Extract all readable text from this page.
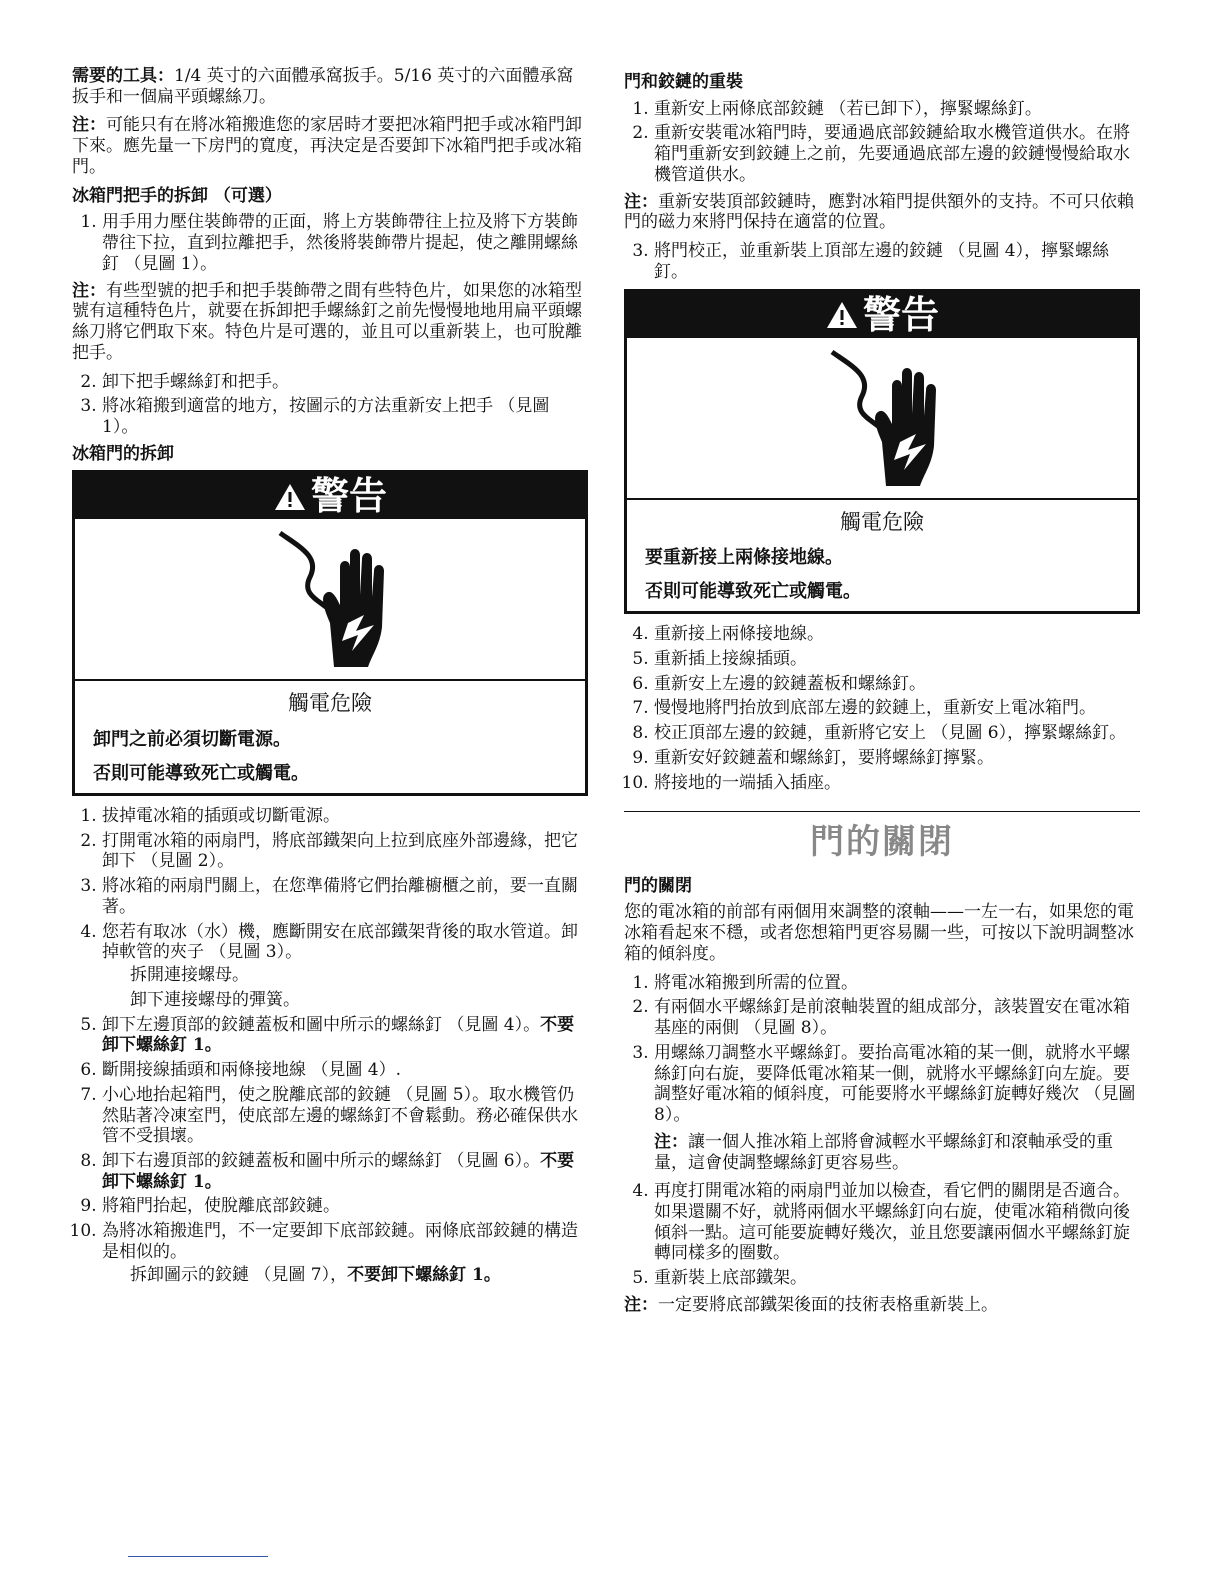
需要的工具：1/4 英寸的六面體承窩扳手。5/16 英寸的六面體承窩扳手和一個扁平頭螺絲刀。

注：可能只有在將冰箱搬進您的家居時才要把冰箱門把手或冰箱門卸下來。應先量一下房門的寬度，再決定是否要卸下冰箱門把手或冰箱門。

冰箱門把手的拆卸 （可選）
1. 用手用力壓住裝飾帶的正面，將上方裝飾帶往上拉及將下方裝飾帶往下拉，直到拉離把手，然後將裝飾帶片提起，使之離開螺絲釘 （見圖 1）。

注：有些型號的把手和把手裝飾帶之間有些特色片，如果您的冰箱型號有這種特色片，就要在拆卸把手螺絲釘之前先慢慢地地用扁平頭螺絲刀將它們取下來。特色片是可選的，並且可以重新裝上，也可脫離把手。

2. 卸下把手螺絲釘和把手。
3. 將冰箱搬到適當的地方，按圖示的方法重新安上把手 （見圖 1）。
冰箱門的拆卸
警告
觸電危險
卸門之前必須切斷電源。
否則可能導致死亡或觸電。
1. 拔掉電冰箱的插頭或切斷電源。
2. 打開電冰箱的兩扇門，將底部鐵架向上拉到底座外部邊緣，把它卸下 （見圖 2）。
3. 將冰箱的兩扇門關上，在您準備將它們抬離櫥櫃之前，要一直關著。
4. 您若有取冰（水）機，應斷開安在底部鐵架背後的取水管道。卸掉軟管的夾子 （見圖 3）。
拆開連接螺母。
卸下連接螺母的彈簧。
5. 卸下左邊頂部的鉸鏈蓋板和圖中所示的螺絲釘 （見圖 4）。不要卸下螺絲釘 1。
6. 斷開接線插頭和兩條接地線 （見圖 4）.
7. 小心地抬起箱門，使之脫離底部的鉸鏈 （見圖 5）。取水機管仍然貼著冷凍室門，使底部左邊的螺絲釘不會鬆動。務必確保供水管不受損壞。
8. 卸下右邊頂部的鉸鏈蓋板和圖中所示的螺絲釘 （見圖 6）。不要卸下螺絲釘 1。
9. 將箱門抬起，使脫離底部鉸鏈。
10. 為將冰箱搬進門，不一定要卸下底部鉸鏈。兩條底部鉸鏈的構造是相似的。
拆卸圖示的鉸鏈 （見圖 7），不要卸下螺絲釘 1。
門和鉸鏈的重裝
1. 重新安上兩條底部鉸鏈 （若已卸下），擰緊螺絲釘。
2. 重新安裝電冰箱門時，要通過底部鉸鏈給取水機管道供水。在將箱門重新安到鉸鏈上之前，先要通過底部左邊的鉸鏈慢慢給取水機管道供水。

注：重新安裝頂部鉸鏈時，應對冰箱門提供額外的支持。不可只依賴門的磁力來將門保持在適當的位置。

3. 將門校正，並重新裝上頂部左邊的鉸鏈 （見圖 4），擰緊螺絲釘。
警告
觸電危險
要重新接上兩條接地線。
否則可能導致死亡或觸電。
4. 重新接上兩條接地線。
5. 重新插上接線插頭。
6. 重新安上左邊的鉸鏈蓋板和螺絲釘。
7. 慢慢地將門抬放到底部左邊的鉸鏈上，重新安上電冰箱門。
8. 校正頂部左邊的鉸鏈，重新將它安上 （見圖 6），擰緊螺絲釘。
9. 重新安好鉸鏈蓋和螺絲釘，要將螺絲釘擰緊。
10. 將接地的一端插入插座。
門的關閉
門的關閉

您的電冰箱的前部有兩個用來調整的滾軸——一左一右，如果您的電冰箱看起來不穩，或者您想箱門更容易關一些，可按以下說明調整冰箱的傾斜度。

1. 將電冰箱搬到所需的位置。
2. 有兩個水平螺絲釘是前滾軸裝置的組成部分，該裝置安在電冰箱基座的兩側 （見圖 8）。
3. 用螺絲刀調整水平螺絲釘。要抬高電冰箱的某一側，就將水平螺絲釘向右旋，要降低電冰箱某一側，就將水平螺絲釘向左旋。要調整好電冰箱的傾斜度，可能要將水平螺絲釘旋轉好幾次 （見圖 8）。
注：讓一個人推冰箱上部將會減輕水平螺絲釘和滾軸承受的重量，這會使調整螺絲釘更容易些。
4. 再度打開電冰箱的兩扇門並加以檢查，看它們的關閉是否適合。如果還關不好，就將兩個水平螺絲釘向右旋，使電冰箱稍微向後傾斜一點。這可能要旋轉好幾次，並且您要讓兩個水平螺絲釘旋轉同樣多的圈數。
5. 重新裝上底部鐵架。

注：一定要將底部鐵架後面的技術表格重新裝上。
